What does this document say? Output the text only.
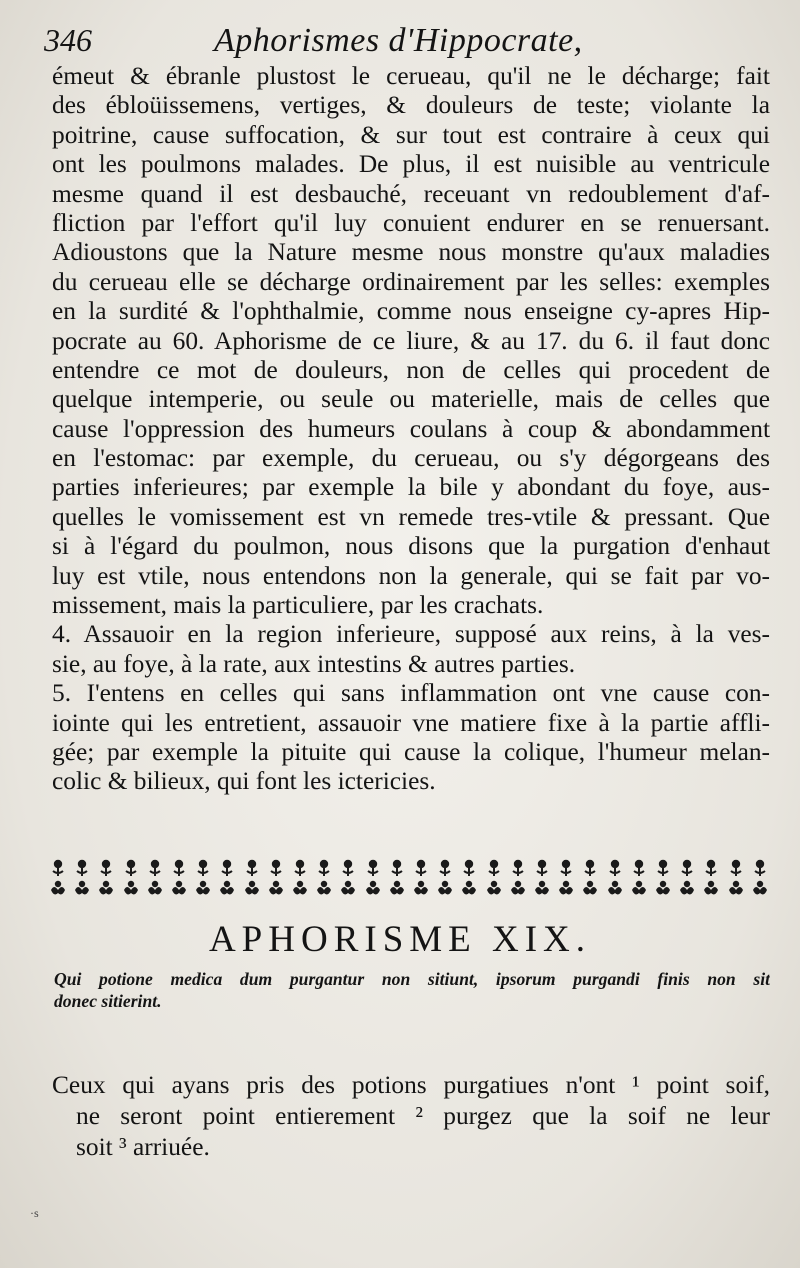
346	Aphorismes d'Hippocrate,
émeut & ébranle plustost le cerueau, qu'il ne le décharge; fait
des ébloüissemens, vertiges, & douleurs de teste; violante la
poitrine, cause suffocation, & sur tout est contraire à ceux qui
ont les poulmons malades. De plus, il est nuisible au ventricule
mesme quand il est desbauché, receuant vn redoublement d'af-
fliction par l'effort qu'il luy conuient endurer en se renuersant.
Adioustons que la Nature mesme nous monstre qu'aux maladies
du cerueau elle se décharge ordinairement par les selles: exemples
en la surdité & l'ophthalmie, comme nous enseigne cy-apres Hip-
pocrate au 60. Aphorisme de ce liure, & au 17. du 6. il faut donc
entendre ce mot de douleurs, non de celles qui procedent de
quelque intemperie, ou seule ou materielle, mais de celles que
cause l'oppression des humeurs coulans à coup & abondamment
en l'estomac: par exemple, du cerueau, ou s'y dégorgeans des
parties inferieures; par exemple la bile y abondant du foye, aus-
quelles le vomissement est vn remede tres-vtile & pressant. Que
si à l'égard du poulmon, nous disons que la purgation d'enhaut
luy est vtile, nous entendons non la generale, qui se fait par vo-
missement, mais la particuliere, par les crachats.
4. Assauoir en la region inferieure, supposé aux reins, à la ves-
sie, au foye, à la rate, aux intestins & autres parties.
5. I'entens en celles qui sans inflammation ont vne cause con-
iointe qui les entretient, assauoir vne matiere fixe à la partie affli-
gée; par exemple la pituite qui cause la colique, l'humeur melan-
colic & bilieux, qui font les ictericies.
APHORISME XIX.
Qui potione medica dum purgantur non sitiunt, ipsorum purgandi finis non sit
donec sitierint.
Ceux qui ayans pris des potions purgatiues n'ont ¹ point soif,
ne seront point entierement ² purgez que la soif ne leur
soit ³ arriuée.
·s
